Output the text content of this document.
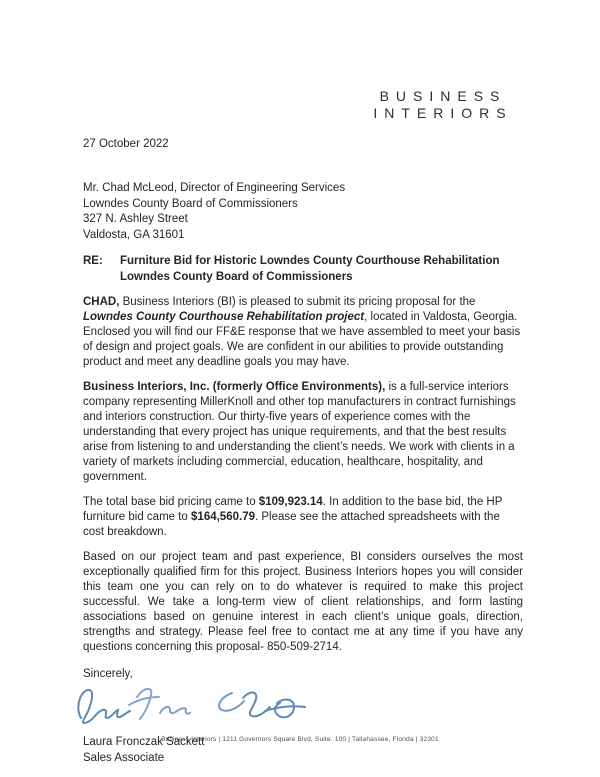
BUSINESS
INTERIORS
27 October 2022
Mr. Chad McLeod, Director of Engineering Services
Lowndes County Board of Commissioners
327 N. Ashley Street
Valdosta, GA 31601
RE:	Furniture Bid for Historic Lowndes County Courthouse Rehabilitation
Lowndes County Board of Commissioners

CHAD, Business Interiors (BI) is pleased to submit its pricing proposal for the Lowndes County Courthouse Rehabilitation project, located in Valdosta, Georgia. Enclosed you will find our FF&E response that we have assembled to meet your basis of design and project goals. We are confident in our abilities to provide outstanding product and meet any deadline goals you may have.

Business Interiors, Inc. (formerly Office Environments), is a full-service interiors company representing MillerKnoll and other top manufacturers in contract furnishings and interiors construction. Our thirty-five years of experience comes with the understanding that every project has unique requirements, and that the best results arise from listening to and understanding the client’s needs. We work with clients in a variety of markets including commercial, education, healthcare, hospitality, and government.

The total base bid pricing came to $109,923.14. In addition to the base bid, the HP furniture bid came to $164,560.79. Please see the attached spreadsheets with the cost breakdown.

Based on our project team and past experience, BI considers ourselves the most exceptionally qualified firm for this project. Business Interiors hopes you will consider this team one you can rely on to do whatever is required to make this project successful. We take a long-term view of client relationships, and form lasting associations based on genuine interest in each client’s unique goals, direction, strengths and strategy. Please feel free to contact me at any time if you have any questions concerning this proposal- 850-509-2714.

Sincerely,
Laura Fronczak Sackett
Sales Associate
Business Interiors | 1211 Governors Square Blvd, Suite. 100 | Tallahassee, Florida | 32301
